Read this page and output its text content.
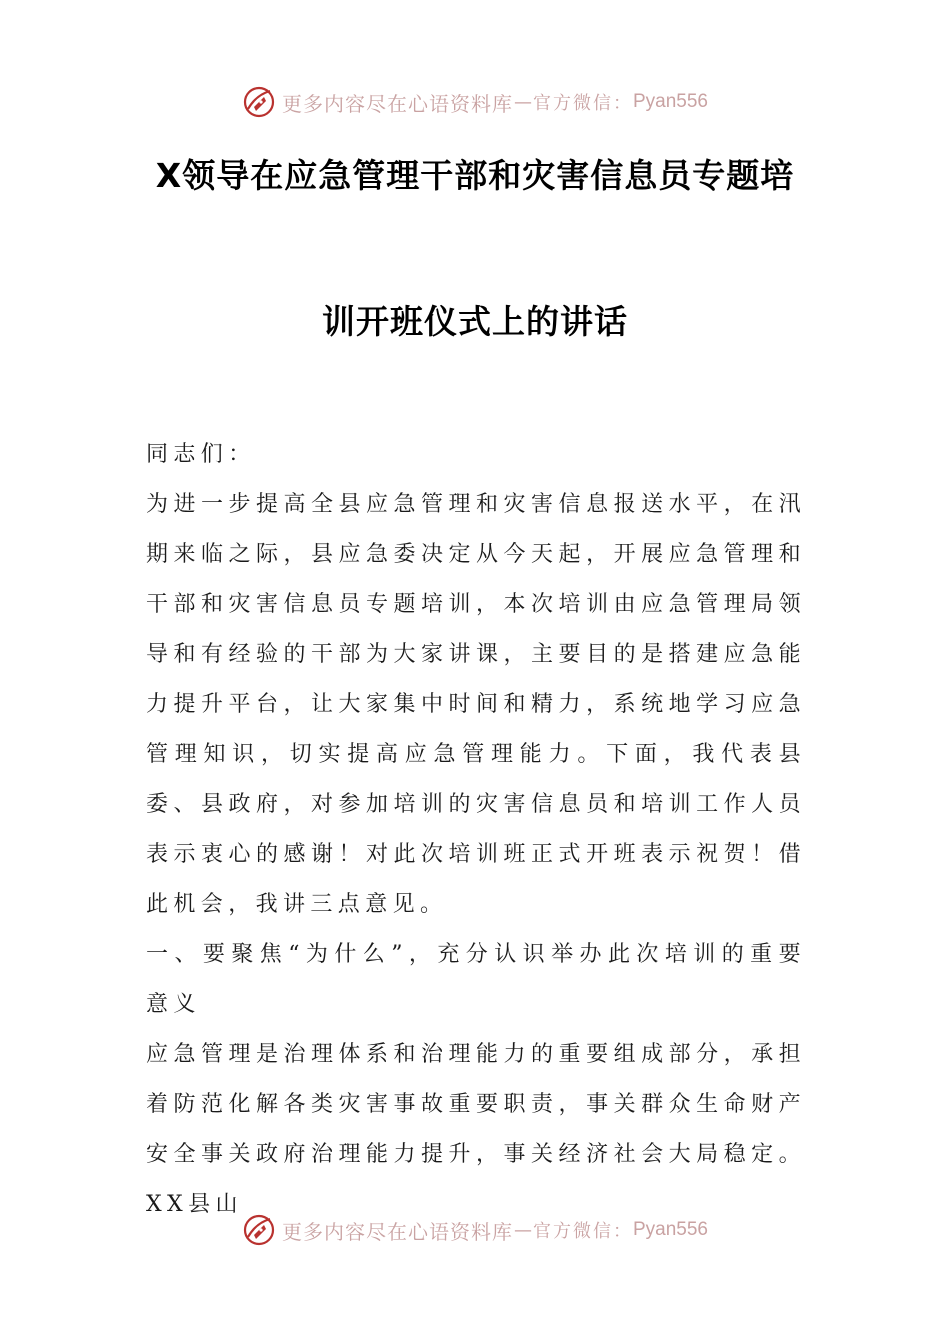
更多内容尽在心语资料库 — 官方微信： Pyan556
X领导在应急管理干部和灾害信息员专题培
训开班仪式上的讲话

同志们：

为进一步提高全县应急管理和灾害信息报送水平，在汛期来临之际，县应急委决定从今天起，开展应急管理和干部和灾害信息员专题培训，本次培训由应急管理局领导和有经验的干部为大家讲课，主要目的是搭建应急能力提升平台，让大家集中时间和精力，系统地学习应急管理知识，切实提高应急管理能力。下面，我代表县委、县政府，对参加培训的灾害信息员和培训工作人员表示衷心的感谢！对此次培训班正式开班表示祝贺！借此机会，我讲三点意见。

一、要聚焦“为什么”，充分认识举办此次培训的重要意义

应急管理是治理体系和治理能力的重要组成部分，承担着防范化解各类灾害事故重要职责，事关群众生命财产安全事关政府治理能力提升，事关经济社会大局稳定。XX县山

更多内容尽在心语资料库 — 官方微信： Pyan556
